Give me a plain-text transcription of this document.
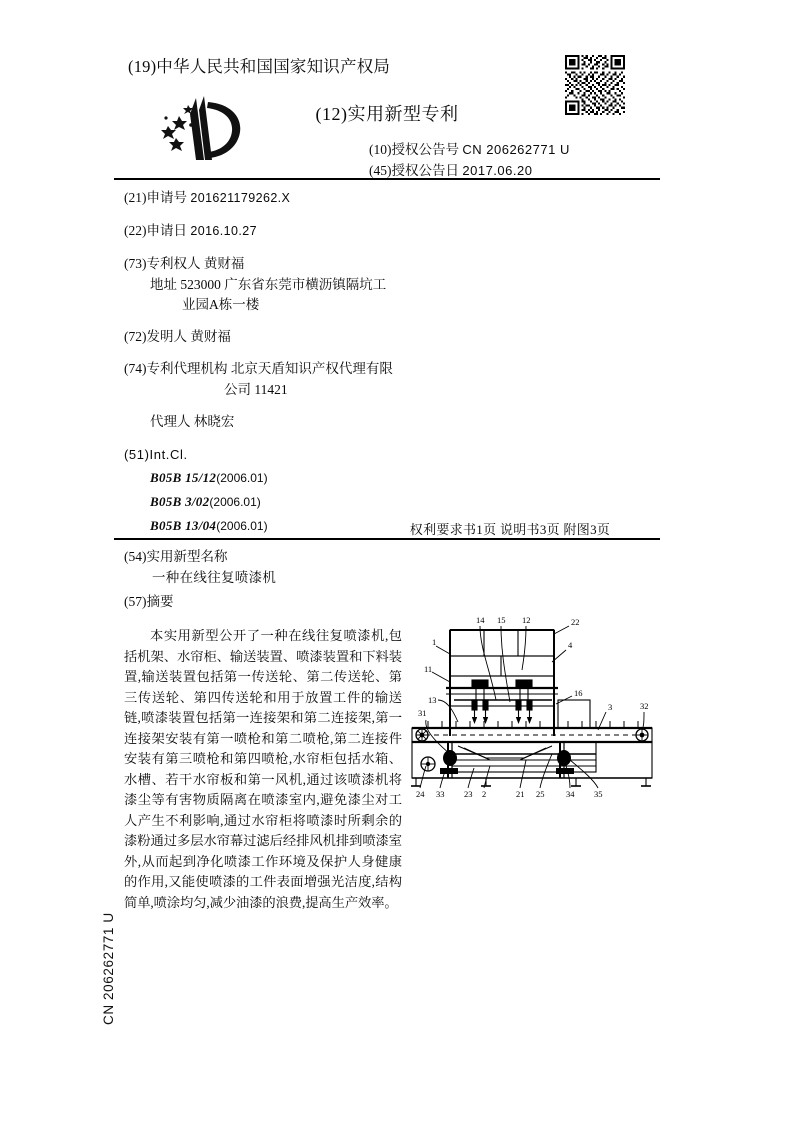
CN 206262771 U
(19)中华人民共和国国家知识产权局
(12)实用新型专利
(10)授权公告号 CN 206262771 U
(45)授权公告日 2017.06.20
(21)申请号 201621179262.X
(22)申请日 2016.10.27
(73)专利权人 黄财福
地址 523000 广东省东莞市横沥镇隔坑工
业园A栋一楼
(72)发明人 黄财福
(74)专利代理机构 北京天盾知识产权代理有限
公司 11421
代理人 林晓宏
(51)Int.Cl.
B05B 15/12(2006.01)
B05B 3/02(2006.01)
B05B 13/04(2006.01)	权利要求书1页 说明书3页 附图3页
(54)实用新型名称
一种在线往复喷漆机
(57)摘要
本实用新型公开了一种在线往复喷漆机,包括机架、水帘柜、输送装置、喷漆装置和下料装置,输送装置包括第一传送轮、第二传送轮、第三传送轮、第四传送轮和用于放置工件的输送链,喷漆装置包括第一连接架和第二连接架,第一连接架安装有第一喷枪和第二喷枪,第二连接件安装有第三喷枪和第四喷枪,水帘柜包括水箱、水槽、若干水帘板和第一风机,通过该喷漆机将漆尘等有害物质隔离在喷漆室内,避免漆尘对工人产生不利影响,通过水帘柜将喷漆时所剩余的漆粉通过多层水帘幕过滤后经排风机排到喷漆室外,从而起到净化喷漆工作环境及保护人身健康的作用,又能使喷漆的工件表面增强光洁度,结构简单,喷涂均匀,减少油漆的浪费,提高生产效率。
14 15 12	22
1
11
13
31
4
16
3	32
24 33 23 2	21 25	34 35
